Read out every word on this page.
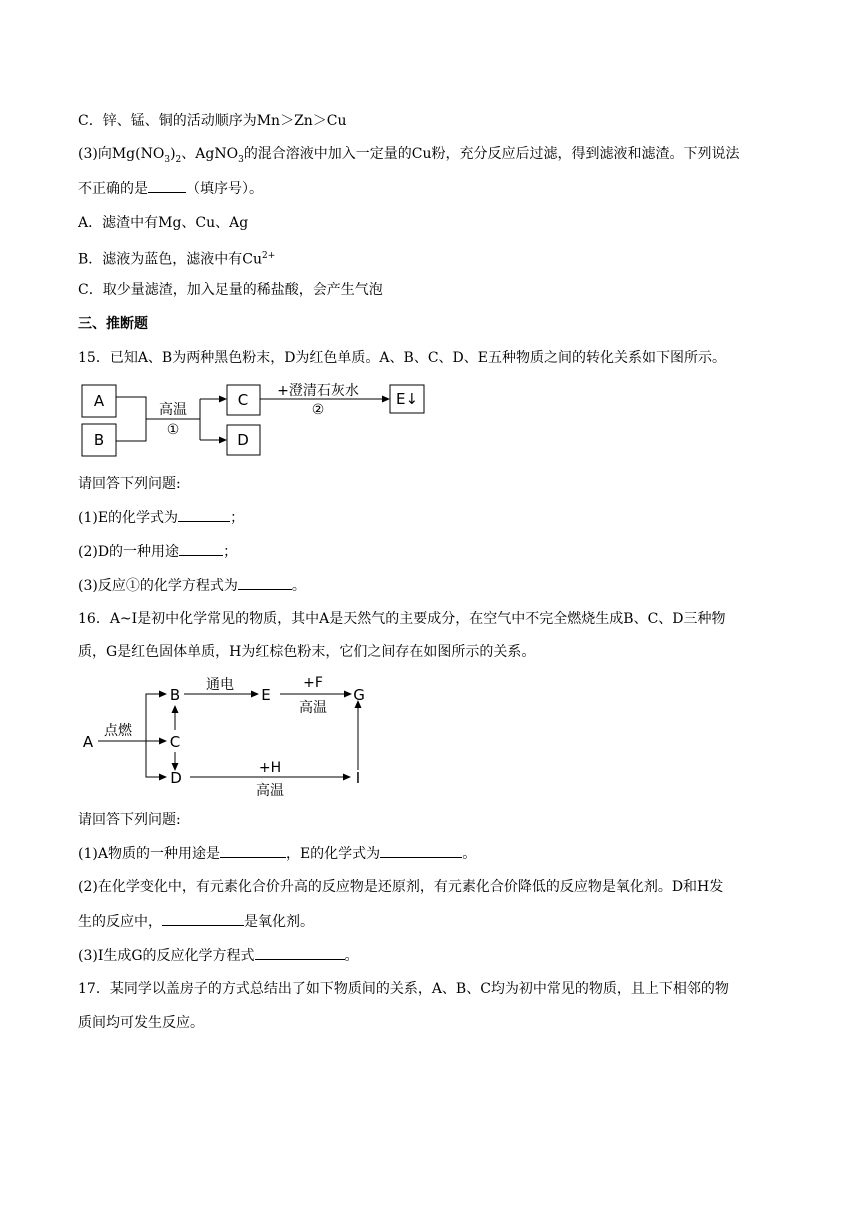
C．锌、锰、铜的活动顺序为Mn＞Zn＞Cu
(3)向$Mg(NO_3)_2$、AgNO$_3$的混合溶液中加入一定量的Cu粉，充分反应后过滤，得到滤液和滤渣。下列说法
不正确的是	（填序号）。
A．滤渣中有Mg、Cu、Ag
B．滤液为蓝色，滤液中有$Cu^{2+}$
C．取少量滤渣，加入足量的稀盐酸，会产生气泡
三、推断题
15．已知A、B为两种黑色粉末，D为红色单质。A、B、C、D、E五种物质之间的转化关系如下图所示。
A
B
C
D
E↓
高温
①
+澄清石灰水
②
请回答下列问题:
(1)E的化学式为	；
(2)D的一种用途	；
(3)反应①的化学方程式为	。
16．A~I是初中化学常见的物质，其中A是天然气的主要成分，在空气中不完全燃烧生成B、C、D三种物
质，G是红色固体单质，H为红棕色粉末，它们之间存在如图所示的关系。
A
B
C
D
E	G
I
点燃
通电	+F
高温
+H
高温
请回答下列问题:
(1)A物质的一种用途是	，E的化学式为	。
(2)在化学变化中，有元素化合价升高的反应物是还原剂，有元素化合价降低的反应物是氧化剂。D和H发
生的反应中，	是氧化剂。
(3)I生成G的反应化学方程式	。
17．某同学以盖房子的方式总结出了如下物质间的关系，A、B、C均为初中常见的物质，且上下相邻的物
质间均可发生反应。
